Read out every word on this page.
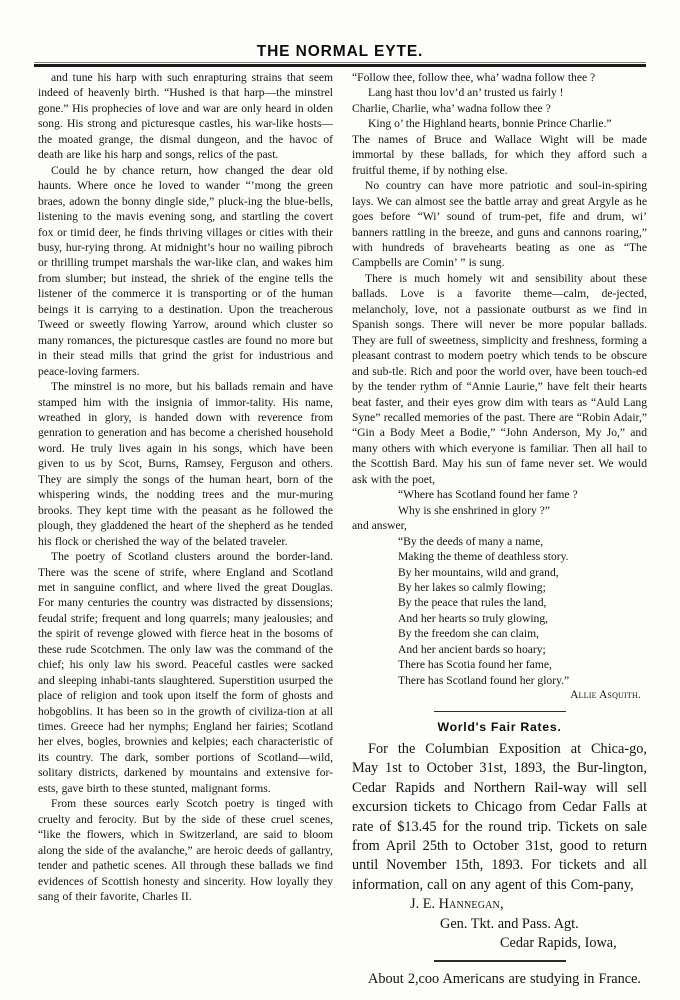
THE NORMAL EYTE.

and tune his harp with such enrapturing strains that seem indeed of heavenly birth. “Hushed is that harp—the minstrel gone.” His prophecies of love and war are only heard in olden song. His strong and picturesque castles, his war-like hosts—the moated grange, the dismal dungeon, and the havoc of death are like his harp and songs, relics of the past.

Could he by chance return, how changed the dear old haunts. Where once he loved to wander “’mong the green braes, adown the bonny dingle side,” pluck-ing the blue-bells, listening to the mavis evening song, and startling the covert fox or timid deer, he finds thriving villages or cities with their busy, hur-rying throng. At midnight’s hour no wailing pibroch or thrilling trumpet marshals the war-like clan, and wakes him from slumber; but instead, the shriek of the engine tells the listener of the commerce it is transporting or of the human beings it is carrying to a destination. Upon the treacherous Tweed or sweetly flowing Yarrow, around which cluster so many romances, the picturesque castles are found no more but in their stead mills that grind the grist for industrious and peace-loving farmers.

The minstrel is no more, but his ballads remain and have stamped him with the insignia of immor-tality. His name, wreathed in glory, is handed down with reverence from genration to generation and has become a cherished household word. He truly lives again in his songs, which have been given to us by Scot, Burns, Ramsey, Ferguson and others. They are simply the songs of the human heart, born of the whispering winds, the nodding trees and the mur-muring brooks. They kept time with the peasant as he followed the plough, they gladdened the heart of the shepherd as he tended his flock or cherished the way of the belated traveler.

The poetry of Scotland clusters around the border-land. There was the scene of strife, where England and Scotland met in sanguine conflict, and where lived the great Douglas. For many centuries the country was distracted by dissensions; feudal strife; frequent and long quarrels; many jealousies; and the spirit of revenge glowed with fierce heat in the bosoms of these rude Scotchmen. The only law was the command of the chief; his only law his sword. Peaceful castles were sacked and sleeping inhabi-tants slaughtered. Superstition usurped the place of religion and took upon itself the form of ghosts and hobgoblins. It has been so in the growth of civiliza-tion at all times. Greece had her nymphs; England her fairies; Scotland her elves, bogles, brownies and kelpies; each characteristic of its country. The dark, somber portions of Scotland—wild, solitary districts, darkened by mountains and extensive for-ests, gave birth to these stunted, malignant forms.

From these sources early Scotch poetry is tinged with cruelty and ferocity. But by the side of these cruel scenes, “like the flowers, which in Switzerland, are said to bloom along the side of the avalanche,” are heroic deeds of gallantry, tender and pathetic scenes. All through these ballads we find evidences of Scottish honesty and sincerity. How loyally they sang of their favorite, Charles II.

“Follow thee, follow thee, wha’ wadna follow thee ?
Lang hast thou lov’d an’ trusted us fairly !
Charlie, Charlie, wha’ wadna follow thee ?
King o’ the Highland hearts, bonnie Prince Charlie.”

The names of Bruce and Wallace Wight will be made immortal by these ballads, for which they afford such a fruitful theme, if by nothing else.

No country can have more patriotic and soul-in-spiring lays. We can almost see the battle array and great Argyle as he goes before “Wi’ sound of trum-pet, fife and drum, wi’ banners rattling in the breeze, and guns and cannons roaring,” with hundreds of bravehearts beating as one as “The Campbells are Comin’ ” is sung.

There is much homely wit and sensibility about these ballads. Love is a favorite theme—calm, de-jected, melancholy, love, not a passionate outburst as we find in Spanish songs. There will never be more popular ballads. They are full of sweetness, simplicity and freshness, forming a pleasant contrast to modern poetry which tends to be obscure and sub-tle. Rich and poor the world over, have been touch-ed by the tender rythm of “Annie Laurie,” have felt their hearts beat faster, and their eyes grow dim with tears as “Auld Lang Syne” recalled memories of the past. There are “Robin Adair,” “Gin a Body Meet a Bodie,” “John Anderson, My Jo,” and many others with which everyone is familiar. Then all hail to the Scottish Bard. May his sun of fame never set. We would ask with the poet,

“Where has Scotland found her fame ?
Why is she enshrined in glory ?”
and answer,
“By the deeds of many a name,
Making the theme of deathless story.
By her mountains, wild and grand,
By her lakes so calmly flowing;
By the peace that rules the land,
And her hearts so truly glowing,
By the freedom she can claim,
And her ancient bards so hoary;
There has Scotia found her fame,
There has Scotland found her glory.”
Allie Asquith.
World's Fair Rates.

For the Columbian Exposition at Chica-go, May 1st to October 31st, 1893, the Bur-lington, Cedar Rapids and Northern Rail-way will sell excursion tickets to Chicago from Cedar Falls at rate of $13.45 for the round trip. Tickets on sale from April 25th to October 31st, good to return until November 15th, 1893. For tickets and all information, call on any agent of this Com-pany,

J. E. Hannegan,
Gen. Tkt. and Pass. Agt.
Cedar Rapids, Iowa,

About 2,coo Americans are studying in France.
